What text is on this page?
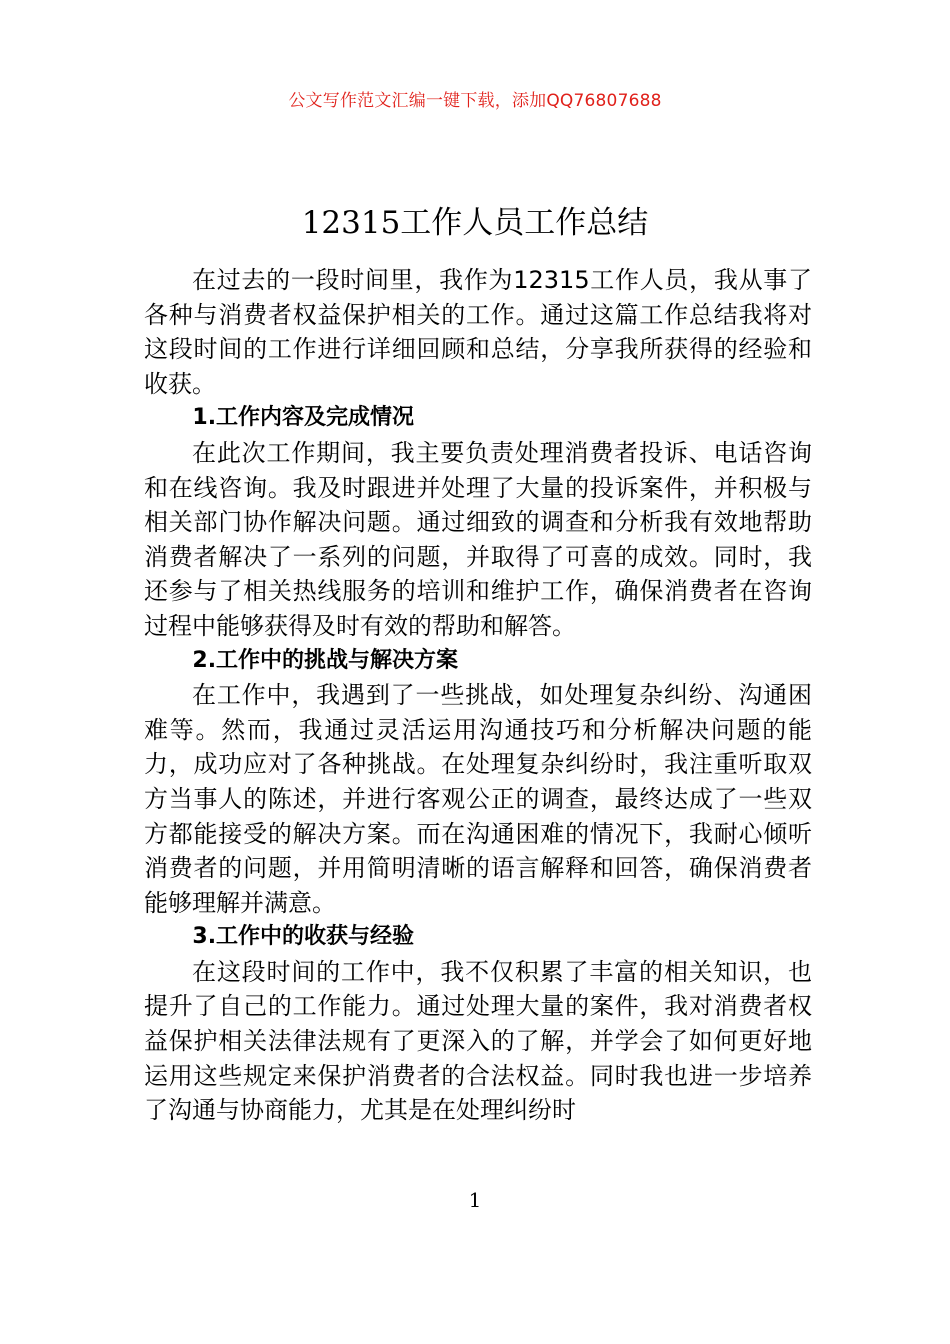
公文写作范文汇编一键下载，添加QQ76807688
12315工作人员工作总结

在过去的一段时间里，我作为12315工作人员，我从事了各种与消费者权益保护相关的工作。通过这篇工作总结我将对这段时间的工作进行详细回顾和总结，分享我所获得的经验和收获。

1.工作内容及完成情况

在此次工作期间，我主要负责处理消费者投诉、电话咨询和在线咨询。我及时跟进并处理了大量的投诉案件，并积极与相关部门协作解决问题。通过细致的调查和分析我有效地帮助消费者解决了一系列的问题，并取得了可喜的成效。同时，我还参与了相关热线服务的培训和维护工作，确保消费者在咨询过程中能够获得及时有效的帮助和解答。

2.工作中的挑战与解决方案

在工作中，我遇到了一些挑战，如处理复杂纠纷、沟通困难等。然而，我通过灵活运用沟通技巧和分析解决问题的能力，成功应对了各种挑战。在处理复杂纠纷时，我注重听取双方当事人的陈述，并进行客观公正的调查，最终达成了一些双方都能接受的解决方案。而在沟通困难的情况下，我耐心倾听消费者的问题，并用简明清晰的语言解释和回答，确保消费者能够理解并满意。

3.工作中的收获与经验

在这段时间的工作中，我不仅积累了丰富的相关知识，也提升了自己的工作能力。通过处理大量的案件，我对消费者权益保护相关法律法规有了更深入的了解，并学会了如何更好地运用这些规定来保护消费者的合法权益。同时我也进一步培养了沟通与协商能力，尤其是在处理纠纷时

1
